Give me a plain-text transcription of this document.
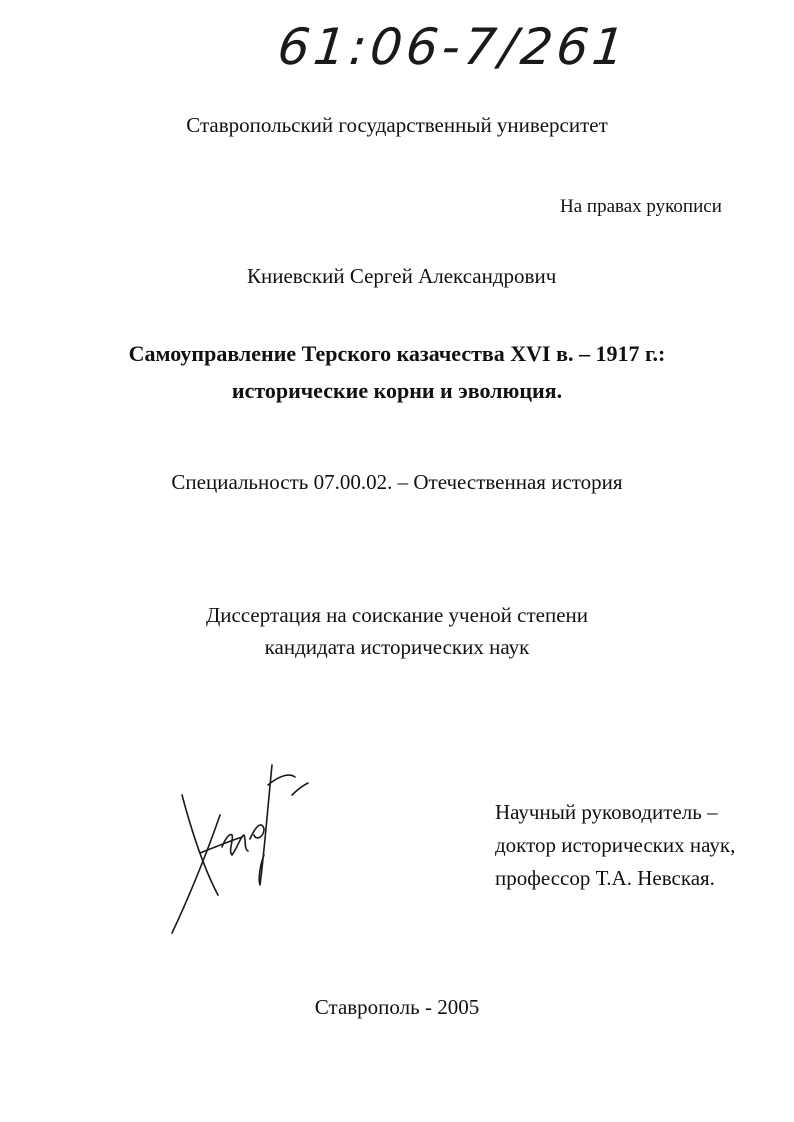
61:06-7/261
Ставропольский государственный университет
На правах рукописи
Книевский Сергей Александрович
Самоуправление Терского казачества XVI в. – 1917 г.:
исторические корни и эволюция.
Специальность 07.00.02. – Отечественная история
Диссертация на соискание ученой степени
кандидата исторических наук
Научный руководитель –
доктор исторических наук,
профессор Т.А. Невская.
Ставрополь - 2005
